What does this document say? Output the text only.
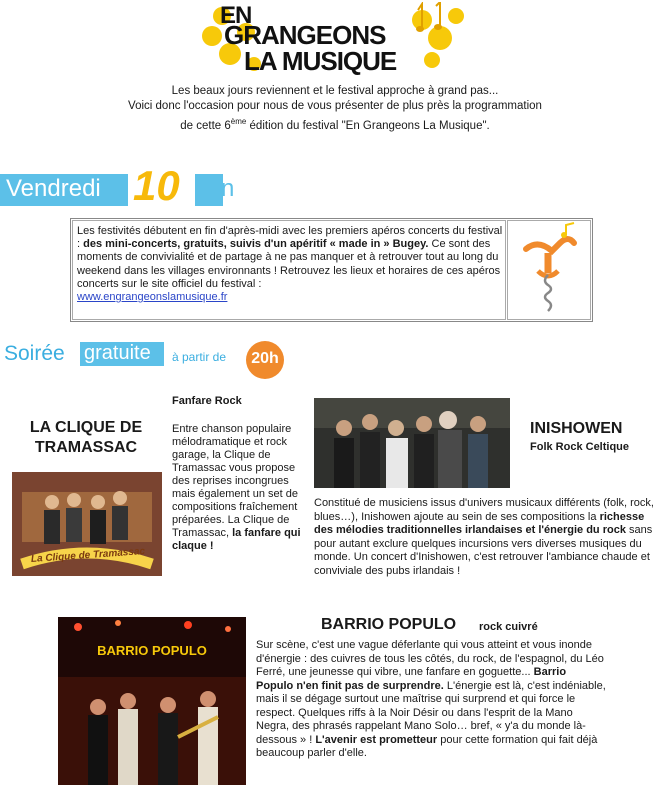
EN
GRANGEONS
LA MUSIQUE
Les beaux jours reviennent et le festival approche à grand pas...
Voici donc l'occasion pour nous de vous présenter de plus près la programmation
de cette 6ème édition du festival "En Grangeons La Musique".
Vendredi 10 juin
Les festivités débutent en fin d'après-midi avec les premiers apéros concerts du festival : des mini-concerts, gratuits, suivis d'un apéritif « made in » Bugey. Ce sont des moments de convivialité et de partage à ne pas manquer et à retrouver tout au long du weekend dans les villages environnants ! Retrouvez les lieux et horaires de ces apéros concerts sur le site officiel du festival :
www.engrangeonslamusique.fr
Soirée gratuite à partir de	20h
LA CLIQUE DE TRAMASSAC
La Clique de Tramassac
Fanfare Rock
Entre chanson populaire mélodramatique et rock garage, la Clique de Tramassac vous propose des reprises incongrues mais également un set de compositions fraîchement préparées. La Clique de Tramassac, la fanfare qui claque !
INISHOWEN
Folk Rock Celtique
Constitué de musiciens issus d'univers musicaux différents (folk, rock, blues…), Inishowen ajoute au sein de ses compositions la richesse des mélodies traditionnelles irlandaises et l'énergie du rock sans pour autant exclure quelques incursions vers diverses musiques du monde. Un concert d'Inishowen, c'est retrouver l'ambiance chaude et conviviale des pubs irlandais !
BARRIO POPULO
BARRIO POPULO rock cuivré
Sur scène, c'est une vague déferlante qui vous atteint et vous inonde d'énergie : des cuivres de tous les côtés, du rock, de l'espagnol, du Léo Ferré, une jeunesse qui vibre, une fanfare en goguette... Barrio Populo n'en finit pas de surprendre. L'énergie est là, c'est indéniable, mais il se dégage surtout une maîtrise qui surprend et qui force le respect. Quelques riffs à la Noir Désir ou dans l'esprit de la Mano Negra, des phrasés rappelant Mano Solo… bref, « y'a du monde là-dessous » ! L'avenir est prometteur pour cette formation qui fait déjà beaucoup parler d'elle.
